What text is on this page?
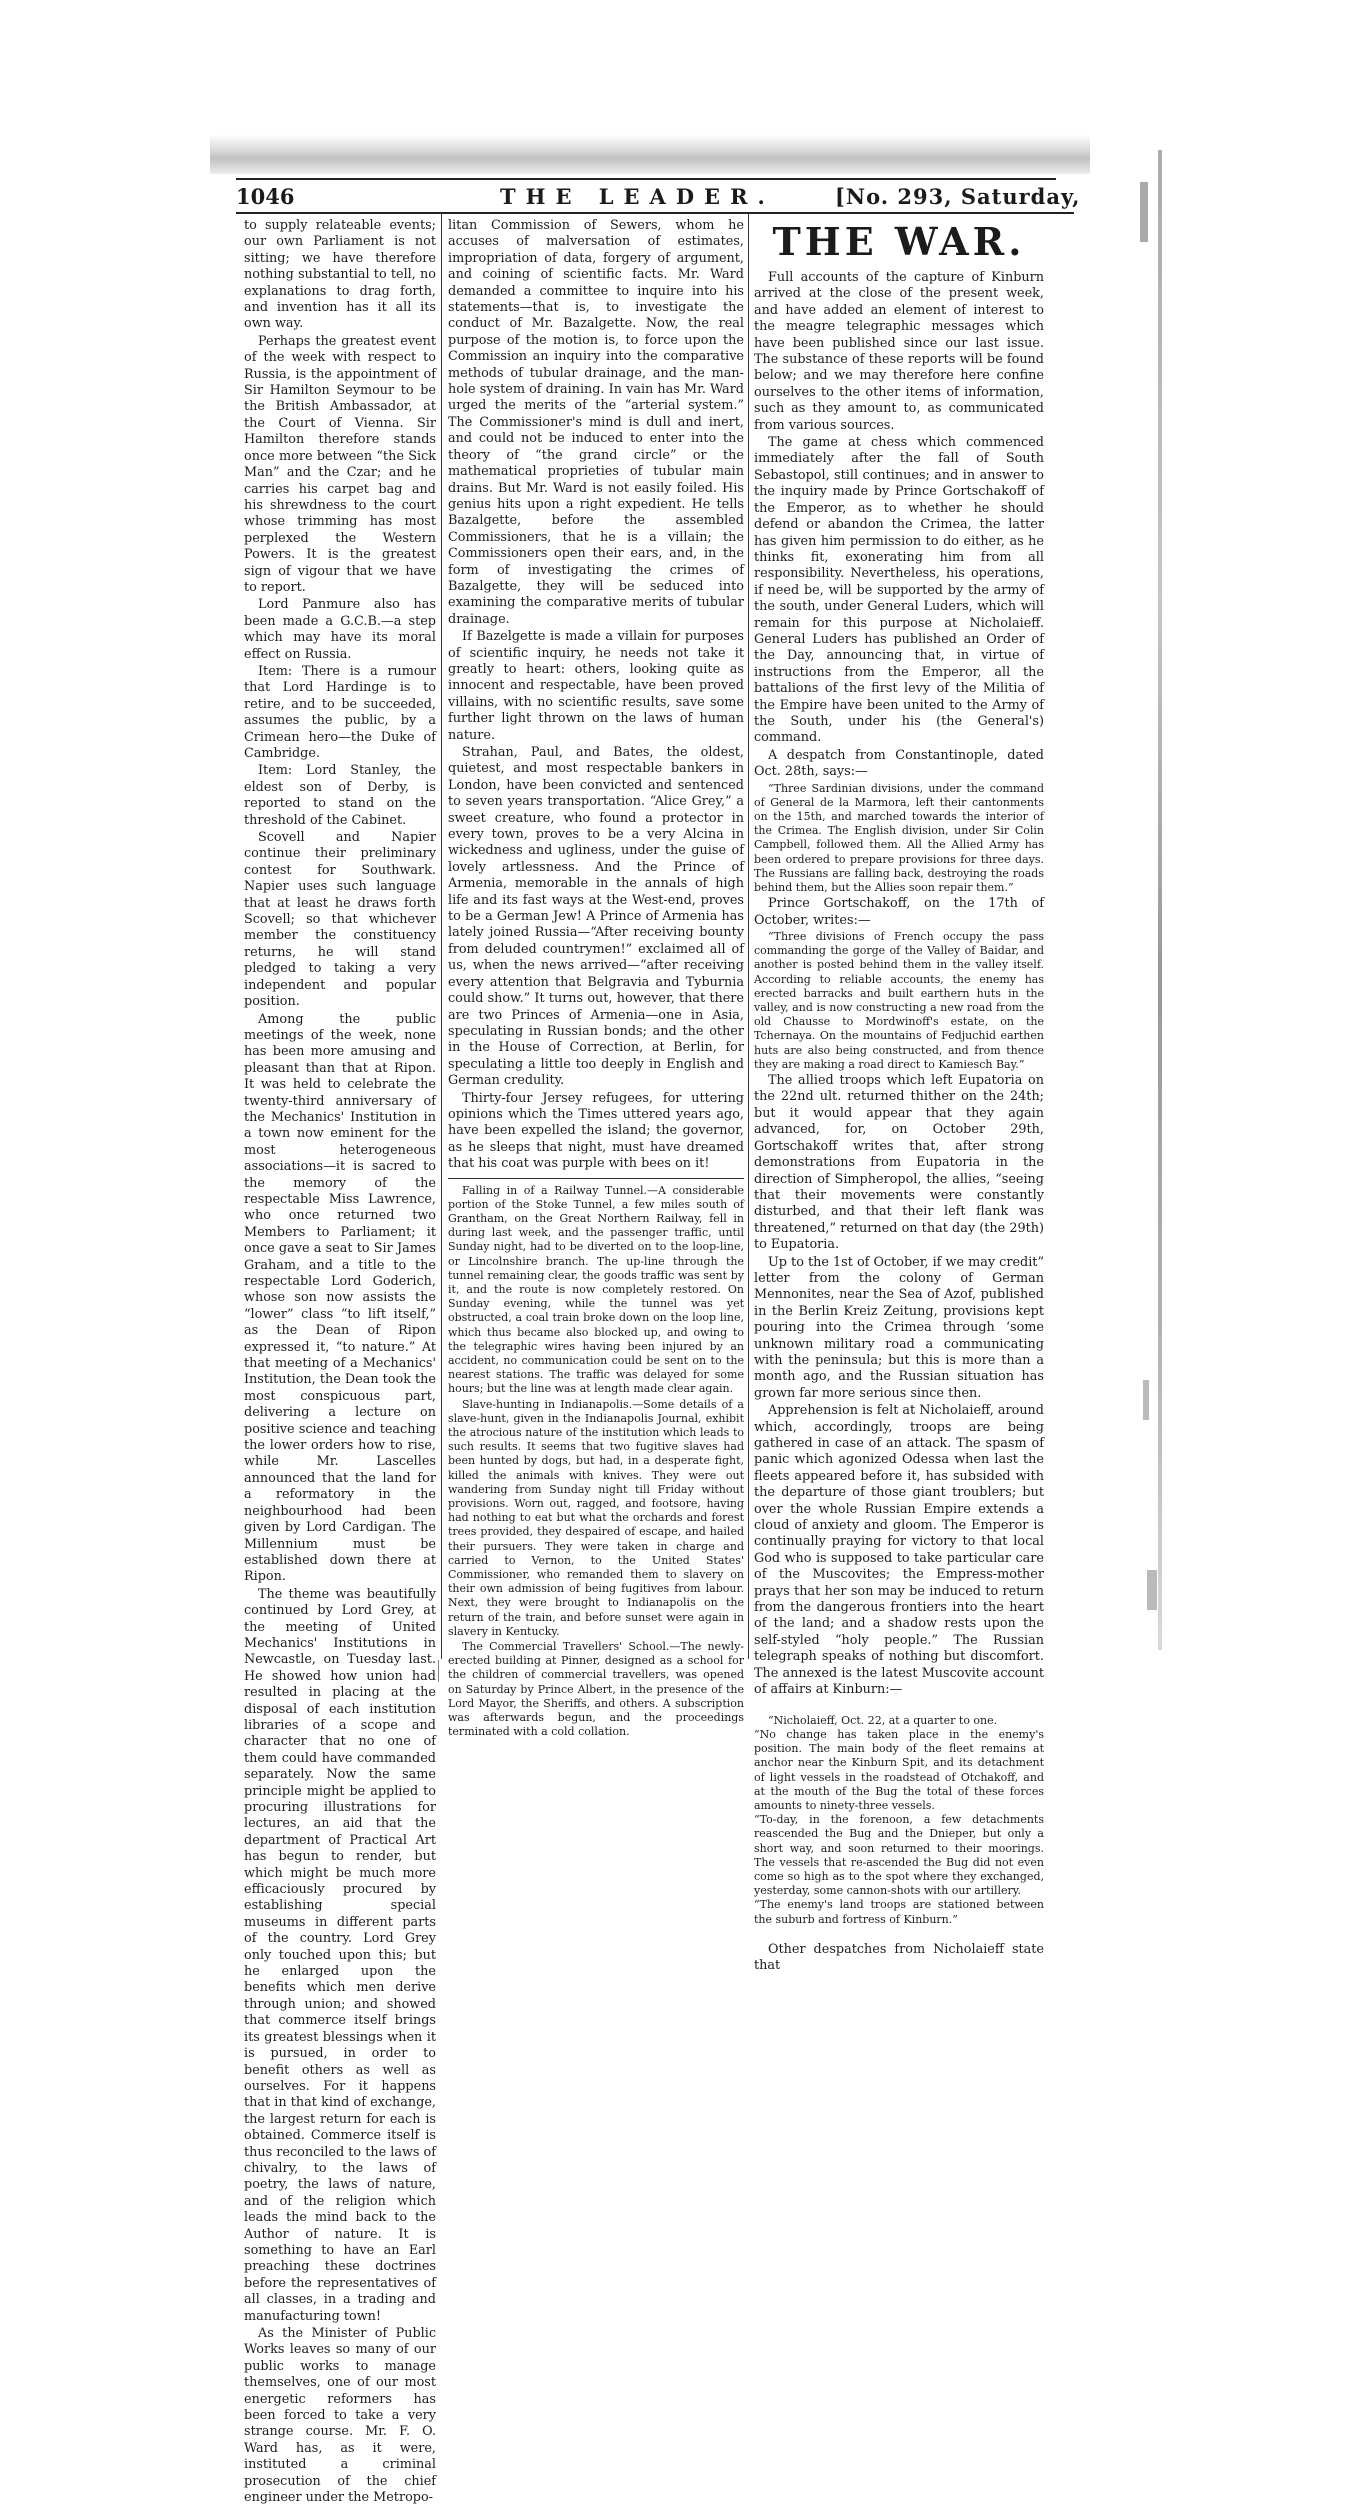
1046	THE LEADER.	[No. 293, Saturday,

to supply relateable events; our own Parliament is not sitting; we have therefore nothing substantial to tell, no explanations to drag forth, and invention has it all its own way.

Perhaps the greatest event of the week with respect to Russia, is the appointment of Sir Hamilton Seymour to be the British Ambassador, at the Court of Vienna. Sir Hamilton therefore stands once more between “the Sick Man” and the Czar; and he carries his carpet bag and his shrewdness to the court whose trimming has most perplexed the Western Powers. It is the greatest sign of vigour that we have to report.

Lord Panmure also has been made a G.C.B.—a step which may have its moral effect on Russia.

Item: There is a rumour that Lord Hardinge is to retire, and to be succeeded, assumes the public, by a Crimean hero—the Duke of Cambridge.

Item: Lord Stanley, the eldest son of Derby, is reported to stand on the threshold of the Cabinet.

Scovell and Napier continue their preliminary contest for Southwark. Napier uses such language that at least he draws forth Scovell; so that whichever member the constituency returns, he will stand pledged to taking a very independent and popular position.

Among the public meetings of the week, none has been more amusing and pleasant than that at Ripon. It was held to celebrate the twenty-third anniversary of the Mechanics' Institution in a town now eminent for the most heterogeneous associations—it is sacred to the memory of the respectable Miss Lawrence, who once returned two Members to Parliament; it once gave a seat to Sir James Graham, and a title to the respectable Lord Goderich, whose son now assists the “lower” class “to lift itself,” as the Dean of Ripon expressed it, “to nature.” At that meeting of a Mechanics' Institution, the Dean took the most conspicuous part, delivering a lecture on positive science and teaching the lower orders how to rise, while Mr. Lascelles announced that the land for a reformatory in the neighbourhood had been given by Lord Cardigan. The Millennium must be established down there at Ripon.

The theme was beautifully continued by Lord Grey, at the meeting of United Mechanics' Institutions in Newcastle, on Tuesday last. He showed how union had resulted in placing at the disposal of each institution libraries of a scope and character that no one of them could have commanded separately. Now the same principle might be applied to procuring illustrations for lectures, an aid that the department of Practical Art has begun to render, but which might be much more efficaciously procured by establishing special museums in different parts of the country. Lord Grey only touched upon this; but he enlarged upon the benefits which men derive through union; and showed that commerce itself brings its greatest blessings when it is pursued, in order to benefit others as well as ourselves. For it happens that in that kind of exchange, the largest return for each is obtained. Commerce itself is thus reconciled to the laws of chivalry, to the laws of poetry, the laws of nature, and of the religion which leads the mind back to the Author of nature. It is something to have an Earl preaching these doctrines before the representatives of all classes, in a trading and manufacturing town!

As the Minister of Public Works leaves so many of our public works to manage themselves, one of our most energetic reformers has been forced to take a very strange course. Mr. F. O. Ward has, as it were, instituted a criminal prosecution of the chief engineer under the Metropo-

litan Commission of Sewers, whom he accuses of malversation of estimates, impropriation of data, forgery of argument, and coining of scientific facts. Mr. Ward demanded a committee to inquire into his statements—that is, to investigate the conduct of Mr. Bazalgette. Now, the real purpose of the motion is, to force upon the Commission an inquiry into the comparative methods of tubular drainage, and the man-hole system of draining. In vain has Mr. Ward urged the merits of the “arterial system.” The Commissioner's mind is dull and inert, and could not be induced to enter into the theory of “the grand circle” or the mathematical proprieties of tubular main drains. But Mr. Ward is not easily foiled. His genius hits upon a right expedient. He tells Bazalgette, before the assembled Commissioners, that he is a villain; the Commissioners open their ears, and, in the form of investigating the crimes of Bazalgette, they will be seduced into examining the comparative merits of tubular drainage.

If Bazelgette is made a villain for purposes of scientific inquiry, he needs not take it greatly to heart: others, looking quite as innocent and respectable, have been proved villains, with no scientific results, save some further light thrown on the laws of human nature.

Strahan, Paul, and Bates, the oldest, quietest, and most respectable bankers in London, have been convicted and sentenced to seven years transportation. “Alice Grey,” a sweet creature, who found a protector in every town, proves to be a very Alcina in wickedness and ugliness, under the guise of lovely artlessness. And the Prince of Armenia, memorable in the annals of high life and its fast ways at the West-end, proves to be a German Jew! A Prince of Armenia has lately joined Russia—“After receiving bounty from deluded countrymen!” exclaimed all of us, when the news arrived—“after receiving every attention that Belgravia and Tyburnia could show.” It turns out, however, that there are two Princes of Armenia—one in Asia, speculating in Russian bonds; and the other in the House of Correction, at Berlin, for speculating a little too deeply in English and German credulity.

Thirty-four Jersey refugees, for uttering opinions which the Times uttered years ago, have been expelled the island; the governor, as he sleeps that night, must have dreamed that his coat was purple with bees on it!

Falling in of a Railway Tunnel.—A considerable portion of the Stoke Tunnel, a few miles south of Grantham, on the Great Northern Railway, fell in during last week, and the passenger traffic, until Sunday night, had to be diverted on to the loop-line, or Lincolnshire branch. The up-line through the tunnel remaining clear, the goods traffic was sent by it, and the route is now completely restored. On Sunday evening, while the tunnel was yet obstructed, a coal train broke down on the loop line, which thus became also blocked up, and owing to the telegraphic wires having been injured by an accident, no communication could be sent on to the nearest stations. The traffic was delayed for some hours; but the line was at length made clear again.

Slave-hunting in Indianapolis.—Some details of a slave-hunt, given in the Indianapolis Journal, exhibit the atrocious nature of the institution which leads to such results. It seems that two fugitive slaves had been hunted by dogs, but had, in a desperate fight, killed the animals with knives. They were out wandering from Sunday night till Friday without provisions. Worn out, ragged, and footsore, having had nothing to eat but what the orchards and forest trees provided, they despaired of escape, and hailed their pursuers. They were taken in charge and carried to Vernon, to the United States' Commissioner, who remanded them to slavery on their own admission of being fugitives from labour. Next, they were brought to Indianapolis on the return of the train, and before sunset were again in slavery in Kentucky.

The Commercial Travellers' School.—The newly-erected building at Pinner, designed as a school for the children of commercial travellers, was opened on Saturday by Prince Albert, in the presence of the Lord Mayor, the Sheriffs, and others. A subscription was afterwards begun, and the proceedings terminated with a cold collation.

THE WAR.

Full accounts of the capture of Kinburn arrived at the close of the present week, and have added an element of interest to the meagre telegraphic messages which have been published since our last issue. The substance of these reports will be found below; and we may therefore here confine ourselves to the other items of information, such as they amount to, as communicated from various sources.

The game at chess which commenced immediately after the fall of South Sebastopol, still continues; and in answer to the inquiry made by Prince Gortschakoff of the Emperor, as to whether he should defend or abandon the Crimea, the latter has given him permission to do either, as he thinks fit, exonerating him from all responsibility. Nevertheless, his operations, if need be, will be supported by the army of the south, under General Luders, which will remain for this purpose at Nicholaieff. General Luders has published an Order of the Day, announcing that, in virtue of instructions from the Emperor, all the battalions of the first levy of the Militia of the Empire have been united to the Army of the South, under his (the General's) command.

A despatch from Constantinople, dated Oct. 28th, says:—

“Three Sardinian divisions, under the command of General de la Marmora, left their cantonments on the 15th, and marched towards the interior of the Crimea. The English division, under Sir Colin Campbell, followed them. All the Allied Army has been ordered to prepare provisions for three days. The Russians are falling back, destroying the roads behind them, but the Allies soon repair them.”

Prince Gortschakoff, on the 17th of October, writes:—

“Three divisions of French occupy the pass commanding the gorge of the Valley of Baidar, and another is posted behind them in the valley itself. According to reliable accounts, the enemy has erected barracks and built earthern huts in the valley, and is now constructing a new road from the old Chausse to Mordwinoff's estate, on the Tchernaya. On the mountains of Fedjuchid earthen huts are also being constructed, and from thence they are making a road direct to Kamiesch Bay.”

The allied troops which left Eupatoria on the 22nd ult. returned thither on the 24th; but it would appear that they again advanced, for, on October 29th, Gortschakoff writes that, after strong demonstrations from Eupatoria in the direction of Simpheropol, the allies, “seeing that their movements were constantly disturbed, and that their left flank was threatened,” returned on that day (the 29th) to Eupatoria.

Up to the 1st of October, if we may credit” letter from the colony of German Mennonites, near the Sea of Azof, published in the Berlin Kreiz Zeitung, provisions kept pouring into the Crimea through ‘some unknown military road a communicating with the peninsula; but this is more than a month ago, and the Russian situation has grown far more serious since then.

Apprehension is felt at Nicholaieff, around which, accordingly, troops are being gathered in case of an attack. The spasm of panic which agonized Odessa when last the fleets appeared before it, has subsided with the departure of those giant troublers; but over the whole Russian Empire extends a cloud of anxiety and gloom. The Emperor is continually praying for victory to that local God who is supposed to take particular care of the Muscovites; the Empress-mother prays that her son may be induced to return from the dangerous frontiers into the heart of the land; and a shadow rests upon the self-styled “holy people.” The Russian telegraph speaks of nothing but discomfort. The annexed is the latest Muscovite account of affairs at Kinburn:—

“Nicholaieff, Oct. 22, at a quarter to one.
“No change has taken place in the enemy's position. The main body of the fleet remains at anchor near the Kinburn Spit, and its detachment of light vessels in the roadstead of Otchakoff, and at the mouth of the Bug the total of these forces amounts to ninety-three vessels.
“To-day, in the forenoon, a few detachments reascended the Bug and the Dnieper, but only a short way, and soon returned to their moorings. The vessels that re-ascended the Bug did not even come so high as to the spot where they exchanged, yesterday, some cannon-shots with our artillery.
“The enemy's land troops are stationed between the suburb and fortress of Kinburn.”

Other despatches from Nicholaieff state that
